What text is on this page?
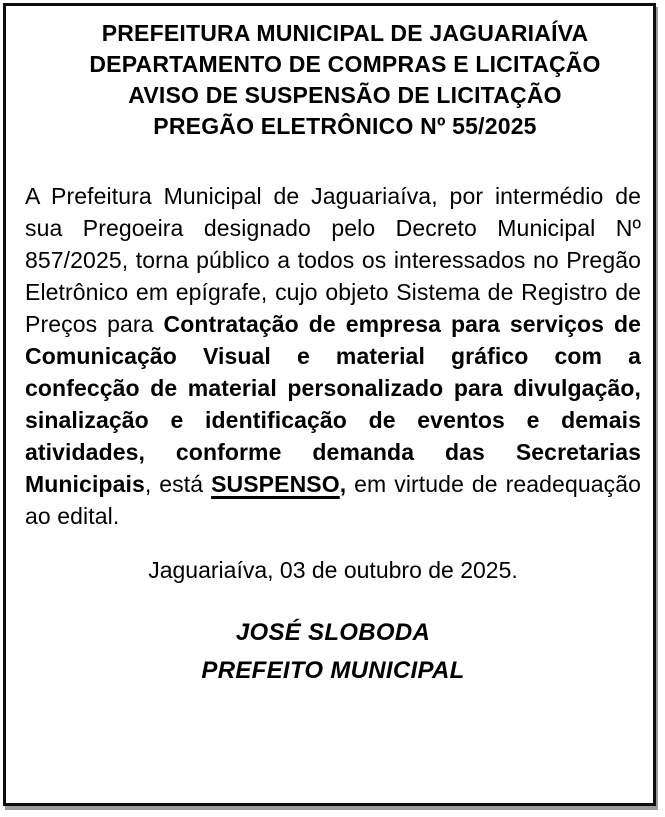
PREFEITURA MUNICIPAL DE JAGUARIAÍVA
DEPARTAMENTO DE COMPRAS E LICITAÇÃO
AVISO DE SUSPENSÃO DE LICITAÇÃO
PREGÃO ELETRÔNICO Nº 55/2025

A Prefeitura Municipal de Jaguariaíva, por intermédio de sua Pregoeira designado pelo Decreto Municipal Nº 857/2025, torna público a todos os interessados no Pregão Eletrônico em epígrafe, cujo objeto Sistema de Registro de Preços para Contratação de empresa para serviços de Comunicação Visual e material gráfico com a confecção de material personalizado para divulgação, sinalização e identificação de eventos e demais atividades, conforme demanda das Secretarias Municipais, está SUSPENSO, em virtude de readequação ao edital.

Jaguariaíva, 03 de outubro de 2025.
JOSÉ SLOBODA
PREFEITO MUNICIPAL
